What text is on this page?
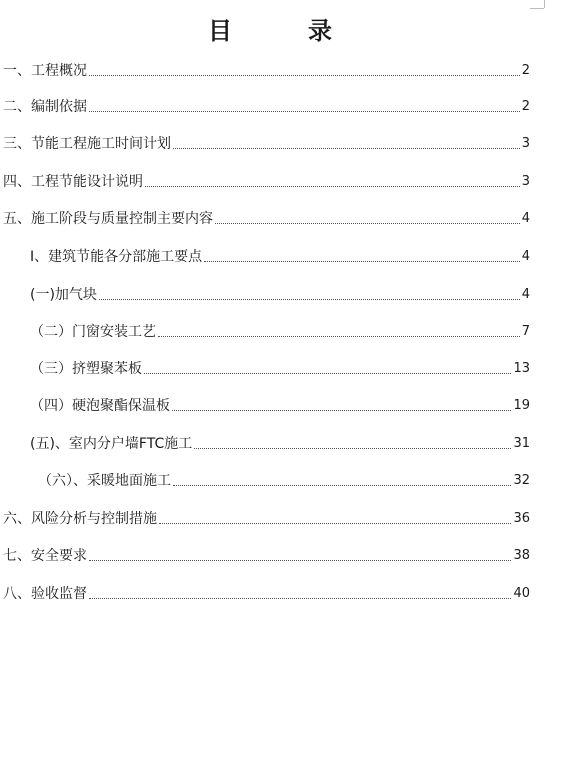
目　录
一、工程概况	2
二、编制依据	2
三、节能工程施工时间计划	3
四、工程节能设计说明	3
五、施工阶段与质量控制主要内容	4
I、建筑节能各分部施工要点	4
(一)加气块	4
（二）门窗安装工艺	7
（三）挤塑聚苯板	13
（四）硬泡聚酯保温板	19
(五)、室内分户墙FTC施工	31
（六）、采暖地面施工	32
六、风险分析与控制措施	36
七、安全要求	38
八、验收监督	40
